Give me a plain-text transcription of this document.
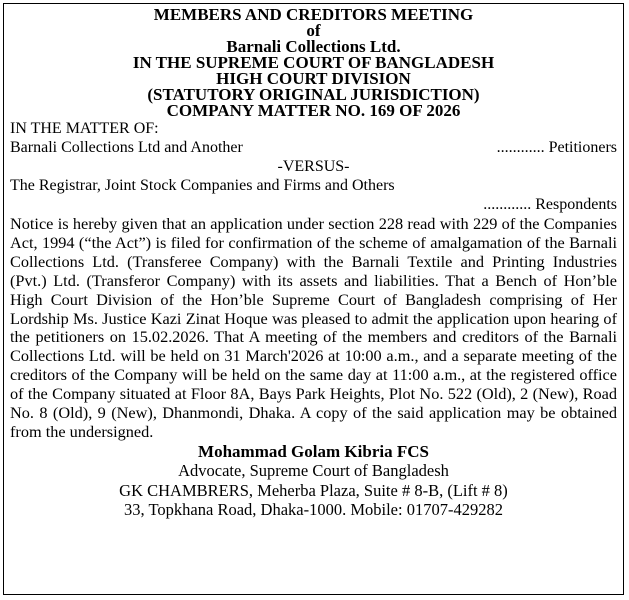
MEMBERS AND CREDITORS MEETING

of

Barnali Collections Ltd.

IN THE SUPREME COURT OF BANGLADESH

HIGH COURT DIVISION

(STATUTORY ORIGINAL JURISDICTION)

COMPANY MATTER NO. 169 OF 2026

IN THE MATTER OF:

Barnali Collections Ltd and Another	............ Petitioners

-VERSUS-

The Registrar, Joint Stock Companies and Firms and Others

............ Respondents

Notice is hereby given that an application under section 228 read with 229 of the Companies Act, 1994 (“the Act”) is filed for confirmation of the scheme of amalgamation of the Barnali Collections Ltd. (Transferee Company) with the Barnali Textile and Printing Industries (Pvt.) Ltd. (Transferor Company) with its assets and liabilities. That a Bench of Hon’ble High Court Division of the Hon’ble Supreme Court of Bangladesh comprising of Her Lordship Ms. Justice Kazi Zinat Hoque was pleased to admit the application upon hearing of the petitioners on 15.02.2026. That A meeting of the members and creditors of the Barnali Collections Ltd. will be held on 31 March'2026 at 10:00 a.m., and a separate meeting of the creditors of the Company will be held on the same day at 11:00 a.m., at the registered office of the Company situated at Floor 8A, Bays Park Heights, Plot No. 522 (Old), 2 (New), Road No. 8 (Old), 9 (New), Dhanmondi, Dhaka. A copy of the said application may be obtained from the undersigned.

Mohammad Golam Kibria FCS

Advocate, Supreme Court of Bangladesh

GK CHAMBRERS, Meherba Plaza, Suite # 8-B, (Lift # 8)

33, Topkhana Road, Dhaka-1000. Mobile: 01707-429282
